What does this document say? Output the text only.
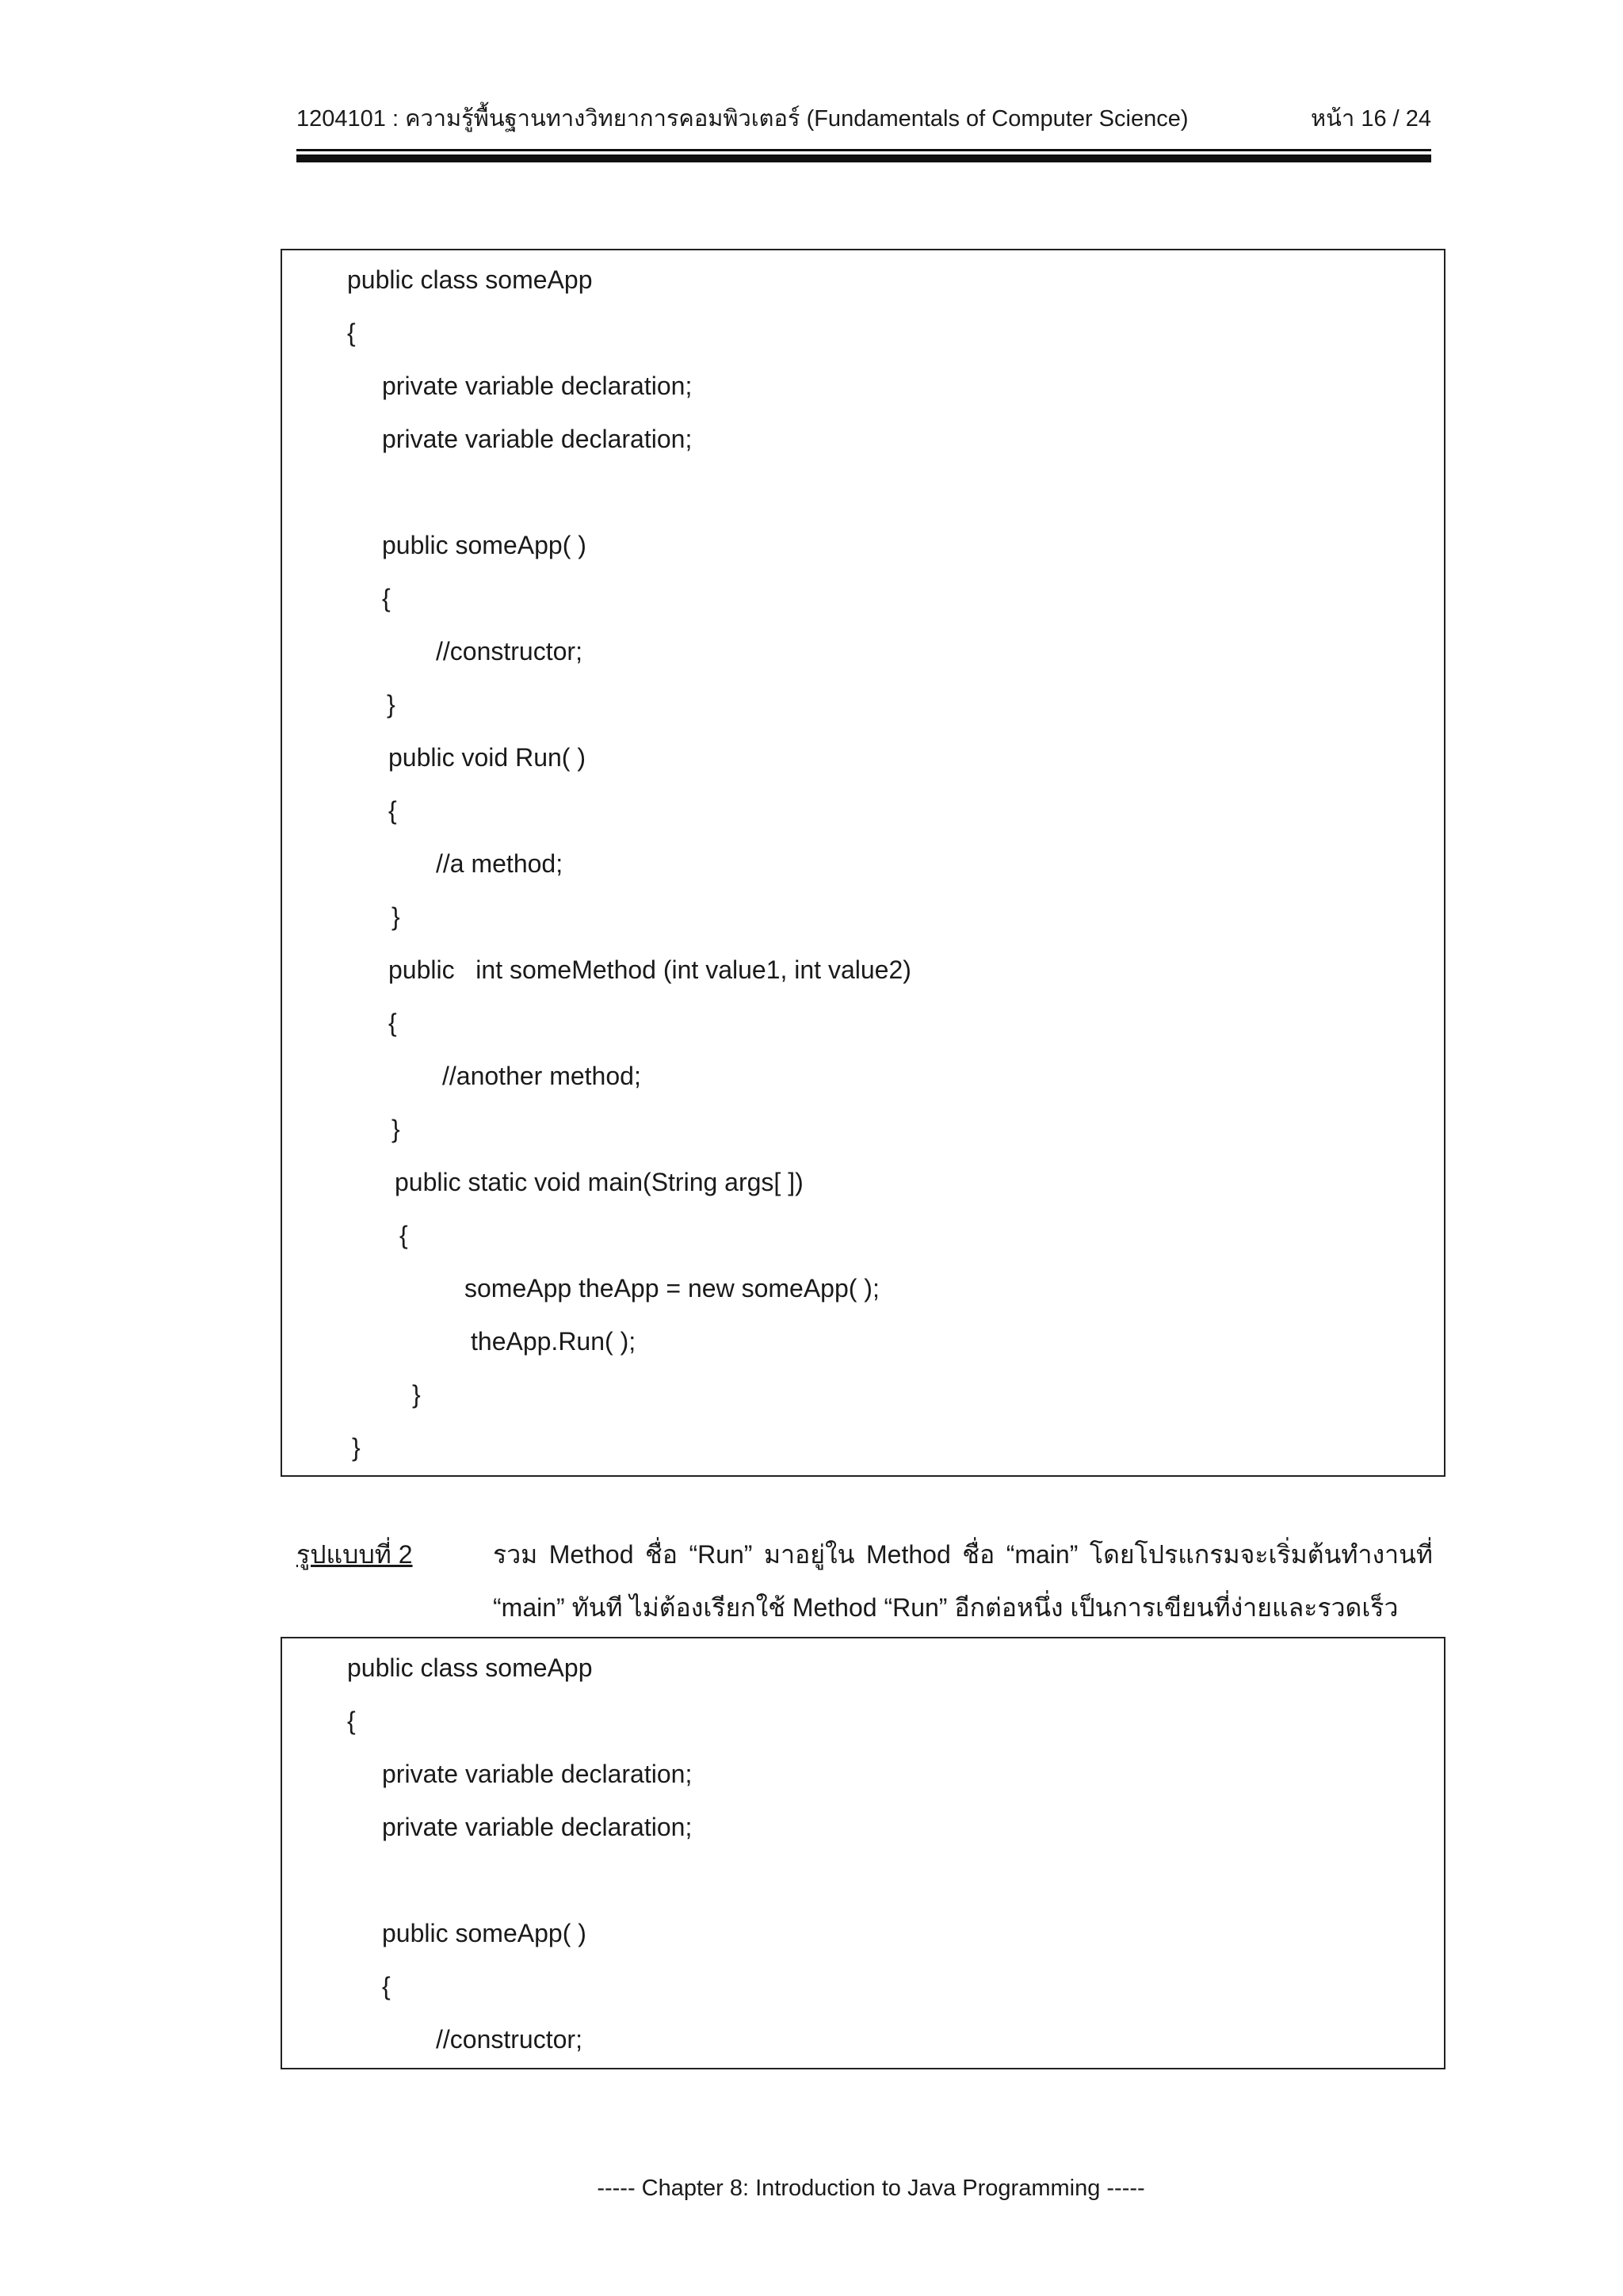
1204101 : ความรู้พื้นฐานทางวิทยาการคอมพิวเตอร์ (Fundamentals of Computer Science)	หน้า 16 / 24
public class someApp
{
private variable declaration;
private variable declaration;
public someApp( )
{
//constructor;
}
public void Run( )
{
//a method;
}
public   int someMethod (int value1, int value2)
{
//another method;
}
public static void main(String args[ ])
{
someApp theApp = new someApp( );
theApp.Run( );
}
}
รูปแบบที่ 2	รวม Method ชื่อ “Run” มาอยู่ใน Method ชื่อ “main” โดยโปรแกรมจะเริ่มต้นทำงานที่
“main” ทันที ไม่ต้องเรียกใช้ Method “Run” อีกต่อหนึ่ง เป็นการเขียนที่ง่ายและรวดเร็ว
public class someApp
{
private variable declaration;
private variable declaration;
public someApp( )
{
//constructor;
----- Chapter 8: Introduction to Java Programming -----
